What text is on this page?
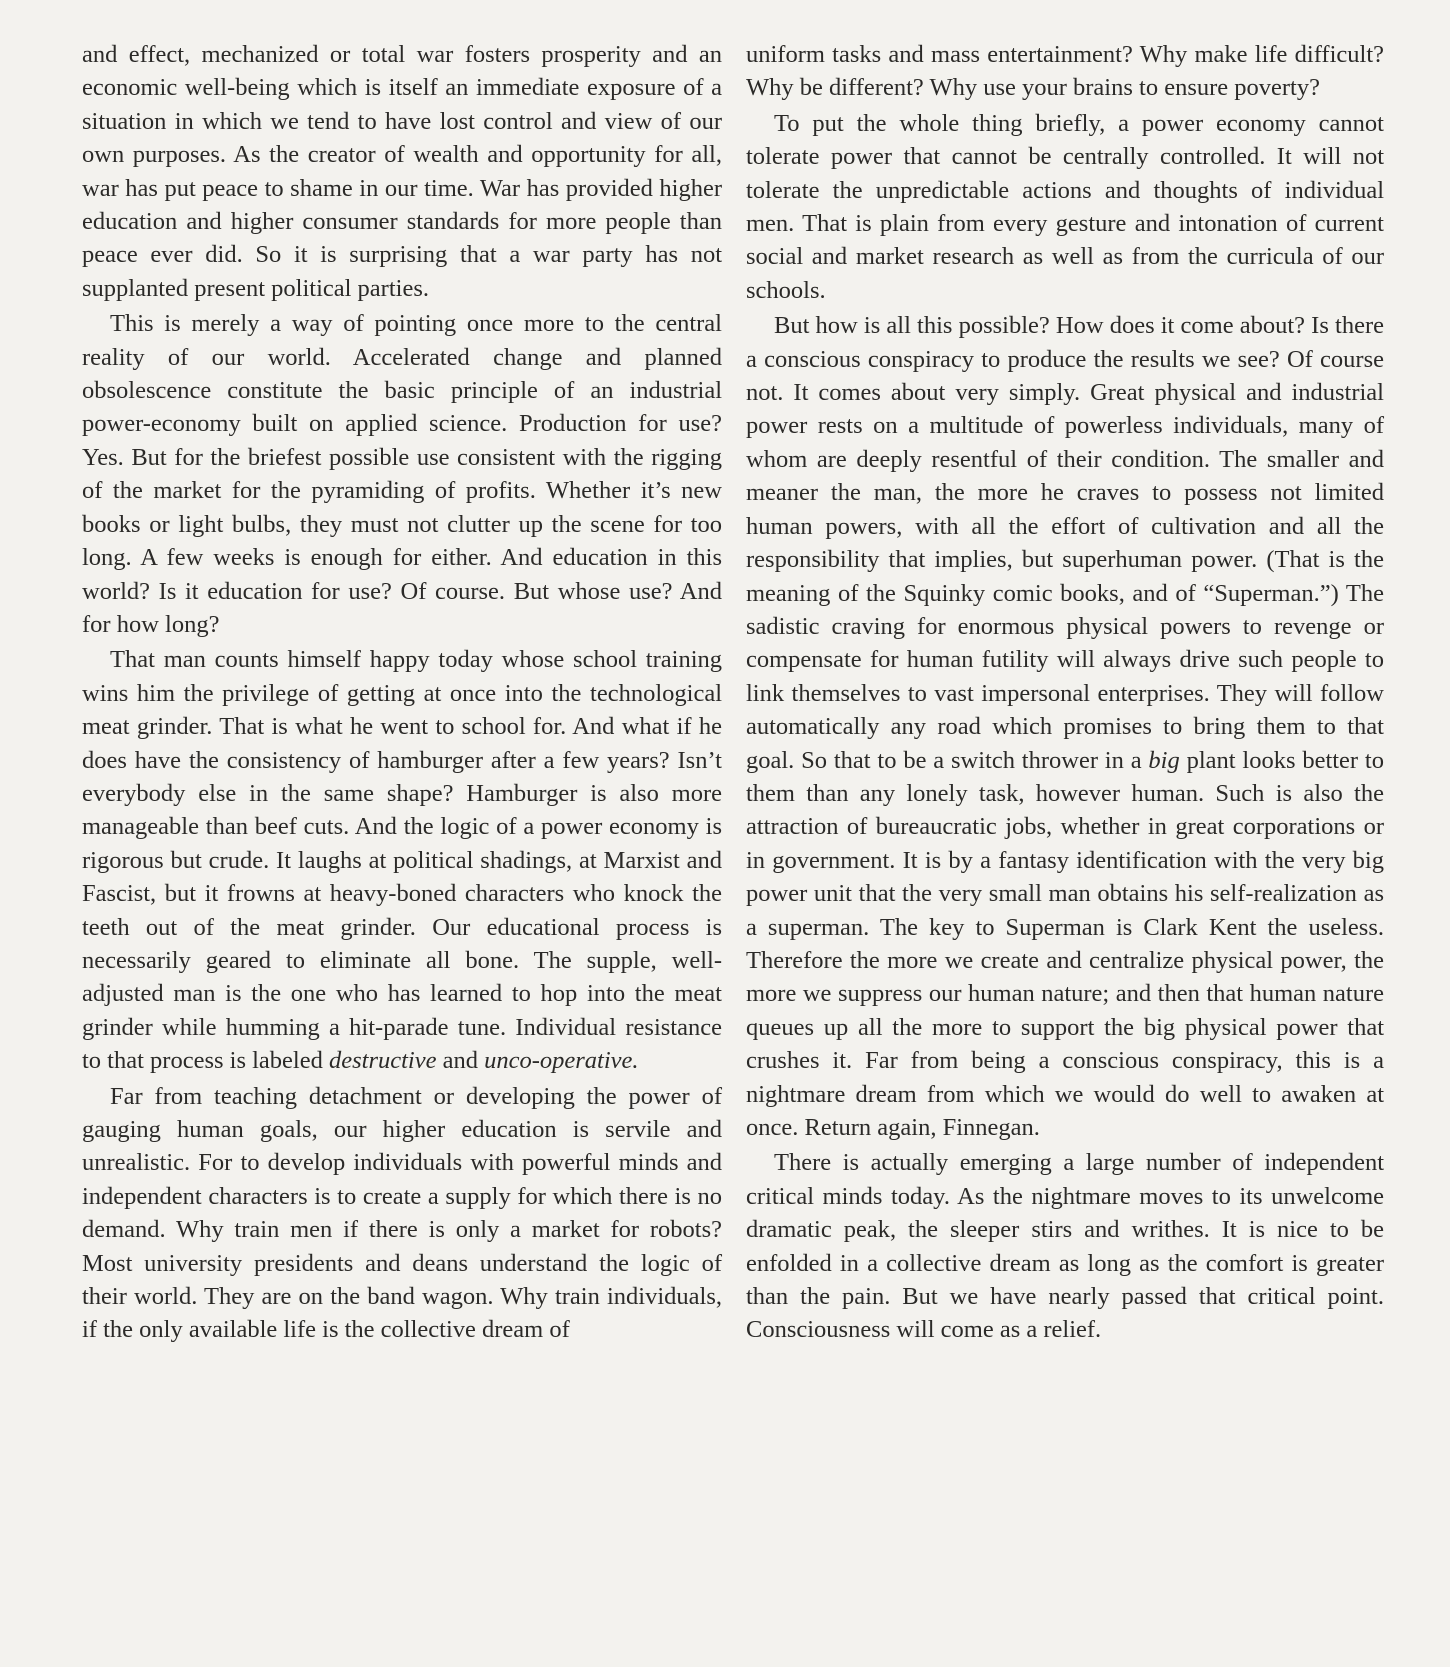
and effect, mechanized or total war fosters prosperity and an economic well-being which is itself an immediate exposure of a situation in which we tend to have lost control and view of our own purposes. As the creator of wealth and opportunity for all, war has put peace to shame in our time. War has provided higher education and higher consumer standards for more people than peace ever did. So it is surprising that a war party has not supplanted present political parties.

This is merely a way of pointing once more to the central reality of our world. Accelerated change and planned obsolescence constitute the basic principle of an industrial power-economy built on applied science. Production for use? Yes. But for the briefest possible use consistent with the rigging of the market for the pyramiding of profits. Whether it’s new books or light bulbs, they must not clutter up the scene for too long. A few weeks is enough for either. And education in this world? Is it education for use? Of course. But whose use? And for how long?

That man counts himself happy today whose school training wins him the privilege of getting at once into the technological meat grinder. That is what he went to school for. And what if he does have the consistency of hamburger after a few years? Isn’t everybody else in the same shape? Hamburger is also more manageable than beef cuts. And the logic of a power economy is rigorous but crude. It laughs at political shadings, at Marxist and Fascist, but it frowns at heavy-boned characters who knock the teeth out of the meat grinder. Our educational process is necessarily geared to eliminate all bone. The supple, well-adjusted man is the one who has learned to hop into the meat grinder while humming a hit-parade tune. Individual resistance to that process is labeled destructive and unco-operative.

Far from teaching detachment or developing the power of gauging human goals, our higher education is servile and unrealistic. For to develop individuals with powerful minds and independent characters is to create a supply for which there is no demand. Why train men if there is only a market for robots? Most university presidents and deans understand the logic of their world. They are on the band wagon. Why train individuals, if the only available life is the collective dream of

uniform tasks and mass entertainment? Why make life difficult? Why be different? Why use your brains to ensure poverty?

To put the whole thing briefly, a power economy cannot tolerate power that cannot be centrally controlled. It will not tolerate the unpredictable actions and thoughts of individual men. That is plain from every gesture and intonation of current social and market research as well as from the curricula of our schools.

But how is all this possible? How does it come about? Is there a conscious conspiracy to produce the results we see? Of course not. It comes about very simply. Great physical and industrial power rests on a multitude of powerless individuals, many of whom are deeply resentful of their condition. The smaller and meaner the man, the more he craves to possess not limited human powers, with all the effort of cultivation and all the responsibility that implies, but superhuman power. (That is the meaning of the Squinky comic books, and of “Superman.”) The sadistic craving for enormous physical powers to revenge or compensate for human futility will always drive such people to link themselves to vast impersonal enterprises. They will follow automatically any road which promises to bring them to that goal. So that to be a switch thrower in a big plant looks better to them than any lonely task, however human. Such is also the attraction of bureaucratic jobs, whether in great corporations or in government. It is by a fantasy identification with the very big power unit that the very small man obtains his self-realization as a superman. The key to Superman is Clark Kent the useless. Therefore the more we create and centralize physical power, the more we suppress our human nature; and then that human nature queues up all the more to support the big physical power that crushes it. Far from being a conscious conspiracy, this is a nightmare dream from which we would do well to awaken at once. Return again, Finnegan.

There is actually emerging a large number of independent critical minds today. As the nightmare moves to its unwelcome dramatic peak, the sleeper stirs and writhes. It is nice to be enfolded in a collective dream as long as the comfort is greater than the pain. But we have nearly passed that critical point. Consciousness will come as a relief.
